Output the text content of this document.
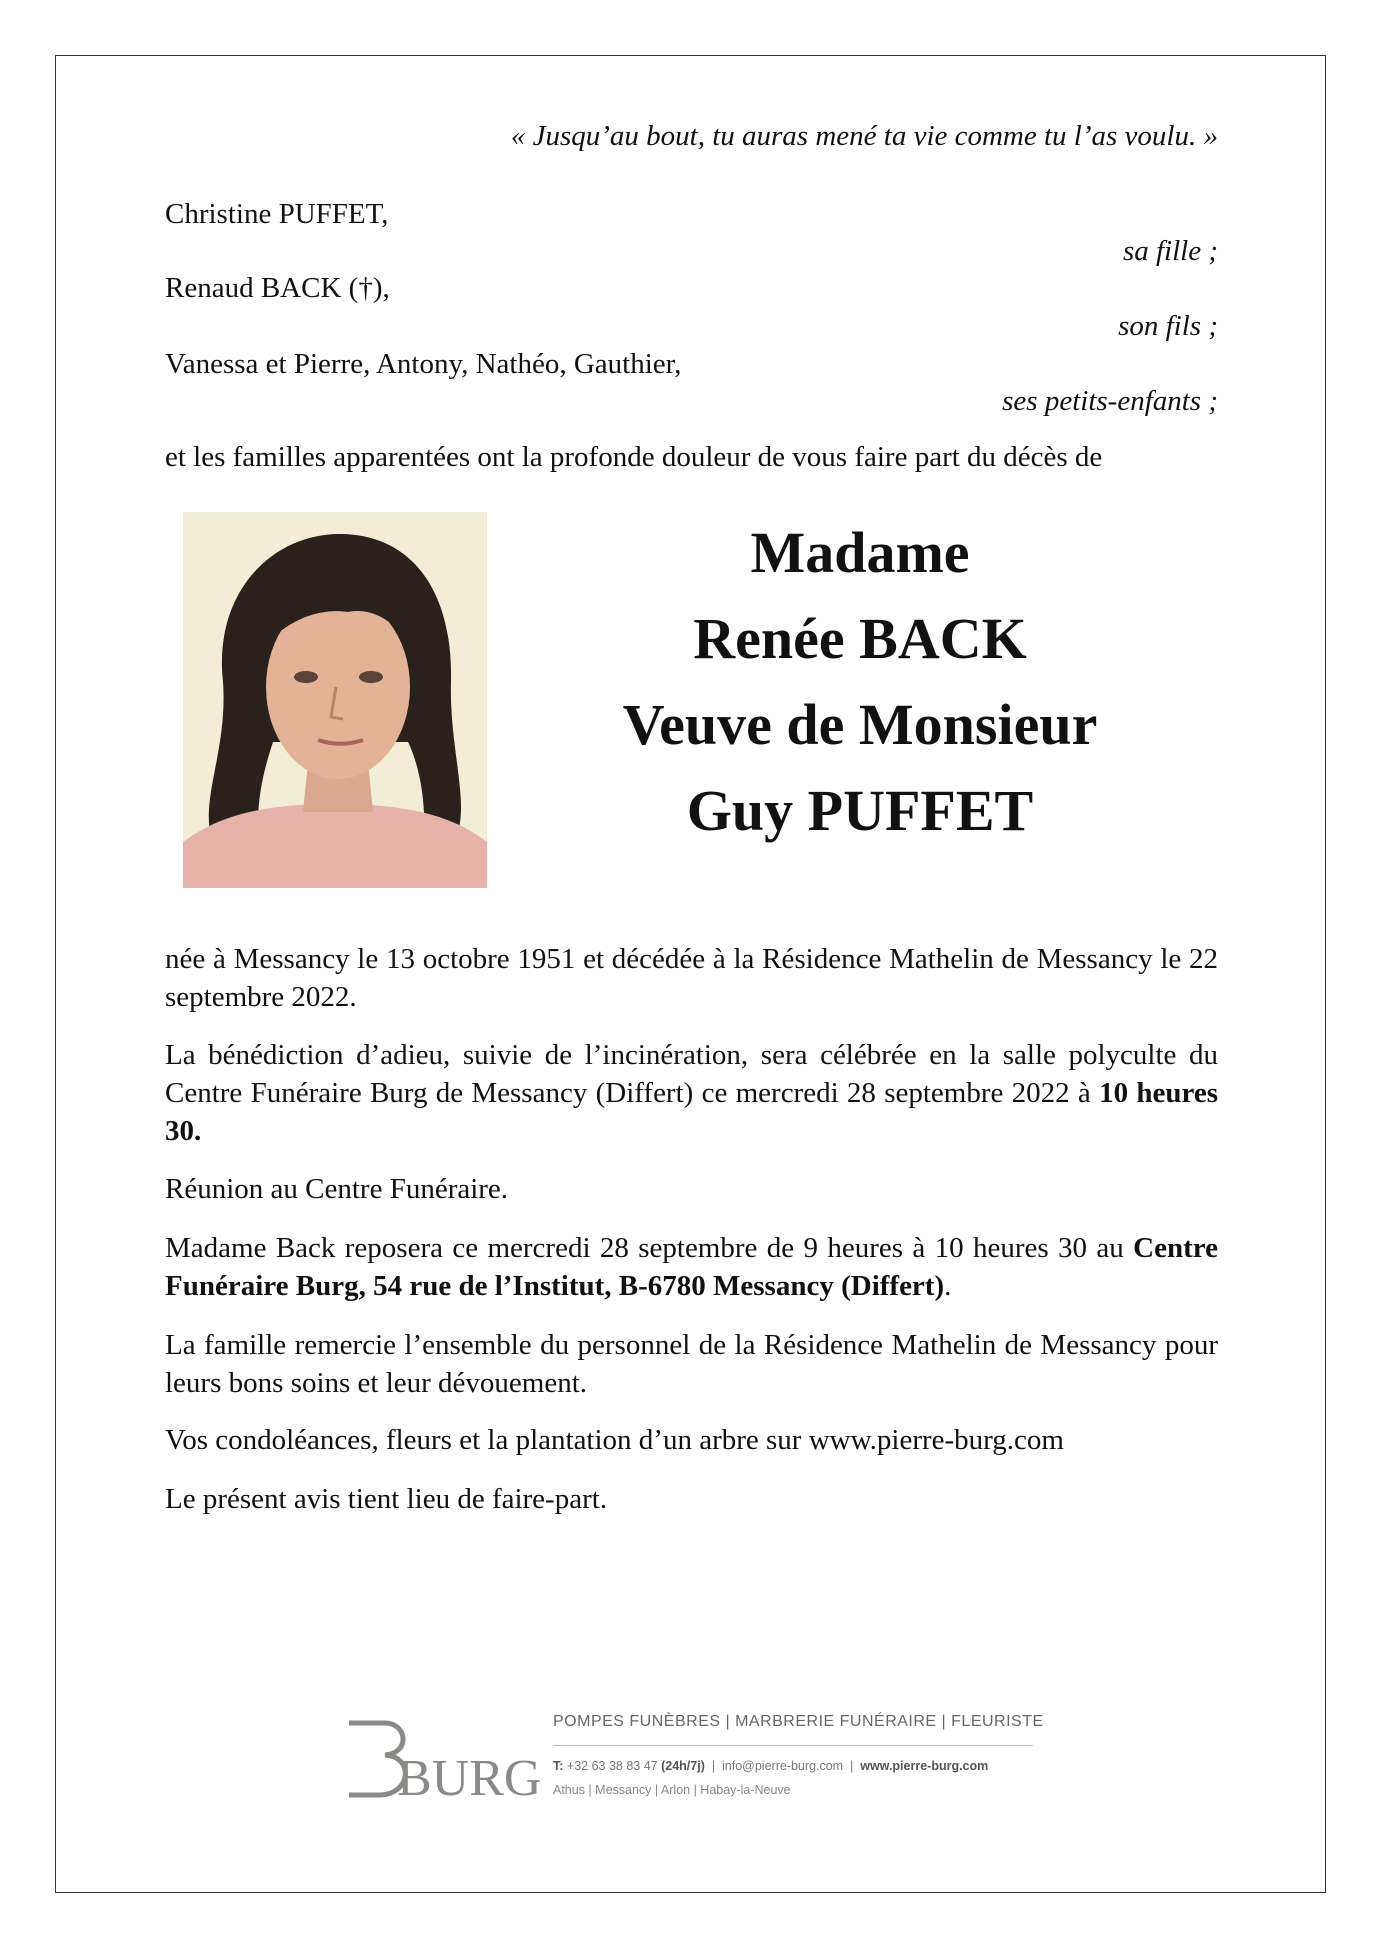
« Jusqu’au bout, tu auras mené ta vie comme tu l’as voulu. »
Christine PUFFET,
sa fille ;
Renaud BACK (†),
son fils ;
Vanessa et Pierre, Antony, Nathéo, Gauthier,
ses petits-enfants ;
et les familles apparentées ont la profonde douleur de vous faire part du décès de
Madame
Renée BACK
Veuve de Monsieur
Guy PUFFET
née à Messancy le 13 octobre 1951 et décédée à la Résidence Mathelin de Messancy le 22 septembre 2022.
La bénédiction d’adieu, suivie de l’incinération, sera célébrée en la salle polyculte du Centre Funéraire Burg de Messancy (Differt) ce mercredi 28 septembre 2022 à 10 heures 30.
Réunion au Centre Funéraire.
Madame Back reposera ce mercredi 28 septembre de 9 heures à 10 heures 30 au Centre Funéraire Burg, 54 rue de l’Institut, B-6780 Messancy (Differt).
La famille remercie l’ensemble du personnel de la Résidence Mathelin de Messancy pour leurs bons soins et leur dévouement.
Vos condoléances, fleurs et la plantation d’un arbre sur www.pierre-burg.com
Le présent avis tient lieu de faire-part.
BURG
POMPES FUNÈBRES | MARBRERIE FUNÉRAIRE | FLEURISTE
T: +32 63 38 83 47 (24h/7j)  |  info@pierre-burg.com  |  www.pierre-burg.com
Athus | Messancy | Arlon | Habay-la-Neuve
